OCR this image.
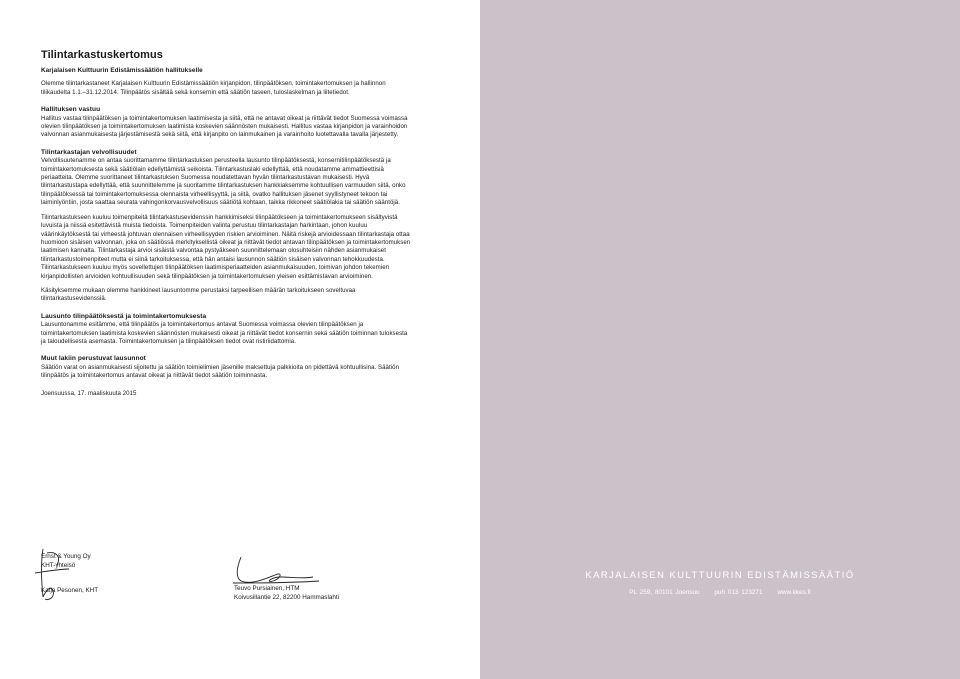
Tilintarkastuskertomus

Karjalaisen Kulttuurin Edistämissäätiön hallitukselle

Olemme tilintarkastaneet Karjalaisen Kulttuurin Edistämissäätiön kirjanpidon, tilinpäätöksen, toimintakertomuksen ja hallinnon tilikaudelta 1.1.–31.12.2014. Tilinpäätös sisältää sekä konsernin että säätiön taseen, tuloslaskelman ja liitetiedot.

Hallituksen vastuu

Hallitus vastaa tilinpäätöksen ja toimintakertomuksen laatimisesta ja siitä, että ne antavat oikeat ja riittävät tiedot Suomessa voimassa olevien tilinpäätöksen ja toimintakertomuksen laatimista koskevien säännösten mukaisesti. Hallitus vastaa kirjanpidon ja varainhoidon valvonnan asianmukaisesta järjestämisestä sekä siitä, että kirjanpito on lainmukainen ja varainhoito luotettavalla tavalla järjestetty.

Tilintarkastajan velvollisuudet

Velvollisuutenamme on antaa suorittamamme tilintarkastuksen perusteella lausunto tilinpäätöksestä, konsernitilinpäätöksestä ja toimintakertomuksesta sekä säätiölain edellyttämistä seikoista. Tilintarkastuslaki edellyttää, että noudatamme ammattieettisiä periaatteita. Olemme suorittaneet tilintarkastuksen Suomessa noudatettavan hyvän tilintarkastustavan mukaisesti. Hyvä tilintarkastustapa edellyttää, että suunnittelemme ja suoritamme tilintarkastuksen hankkiaksemme kohtuullisen varmuuden siitä, onko tilinpäätöksessä tai toimintakertomuksessa olennaista virheellisyyttä, ja siitä, ovatko hallituksen jäsenet syyllistyneet tekoon tai laiminlyöntiin, josta saattaa seurata vahingonkorvausvelvollisuus säätiötä kohtaan, taikka rikkoneet säätiölakia tai säätiön sääntöjä.

Tilintarkastukseen kuuluu toimenpiteitä tilintarkastusevidenssin hankkimiseksi tilinpäätökseen ja toimintakertomukseen sisältyvistä luvuista ja niissä esitettävistä muista tiedoista. Toimenpiteiden valinta perustuu tilintarkastajan harkintaan, johon kuuluu väärinkäytöksestä tai virheestä johtuvan olennaisen virheellisyyden riskien arvioiminen. Näitä riskejä arvioidessaan tilintarkastaja ottaa huomioon sisäisen valvonnan, joka on säätiössä merkityksellistä oikeat ja riittävät tiedot antavan tilinpäätöksen ja toimintakertomuksen laatimisen kannalta. Tilintarkastaja arvioi sisäistä valvontaa pystyäkseen suunnittelemaan olosuhteisiin nähden asianmukaiset tilintarkastustoimenpiteet mutta ei siinä tarkoituksessa, että hän antaisi lausunnon säätiön sisäisen valvonnan tehokkuudesta. Tilintarkastukseen kuuluu myös sovellettujen tilinpäätöksen laatimisperiaatteiden asianmukaisuuden, toimivan johdon tekemien kirjanpidollisten arvioiden kohtuullisuuden sekä tilinpäätöksen ja toimintakertomuksen yleisen esittämistavan arvioiminen.

Käsityksemme mukaan olemme hankkineet lausuntomme perustaksi tarpeellisen määrän tarkoitukseen soveltuvaa tilintarkastusevidenssiä.

Lausunto tilinpäätöksestä ja toimintakertomuksesta

Lausuntonamme esitämme, että tilinpäätös ja toimintakertomus antavat Suomessa voimassa olevien tilinpäätöksen ja toimintakertomuksen laatimista koskevien säännösten mukaisesti oikeat ja riittävät tiedot konsernin sekä säätiön toiminnan tuloksesta ja taloudellisesta asemasta. Toimintakertomuksen ja tilinpäätöksen tiedot ovat ristiriidattomia.

Muut lakiin perustuvat lausunnot

Säätiön varat on asianmukaisesti sijoitettu ja säätiön toimielimien jäsenille maksettuja palkkioita on pidettävä kohtuullisina. Säätiön tilinpäätös ja toimintakertomus antavat oikeat ja riittävät tiedot säätiön toiminnasta.

Joensuussa, 17. maaliskuuta 2015

Ernst & Young Oy
KHT-yhteisö
Katja Pesonen, KHT	Teuvo Pursiainen, HTM
Koivusillantie 22, 82200 Hammaslahti
KARJALAISEN KULTTUURIN EDISTÄMISSÄÄTIÖ
PL 259, 80101 Joensuu puh 013 123271 www.kkes.fi
